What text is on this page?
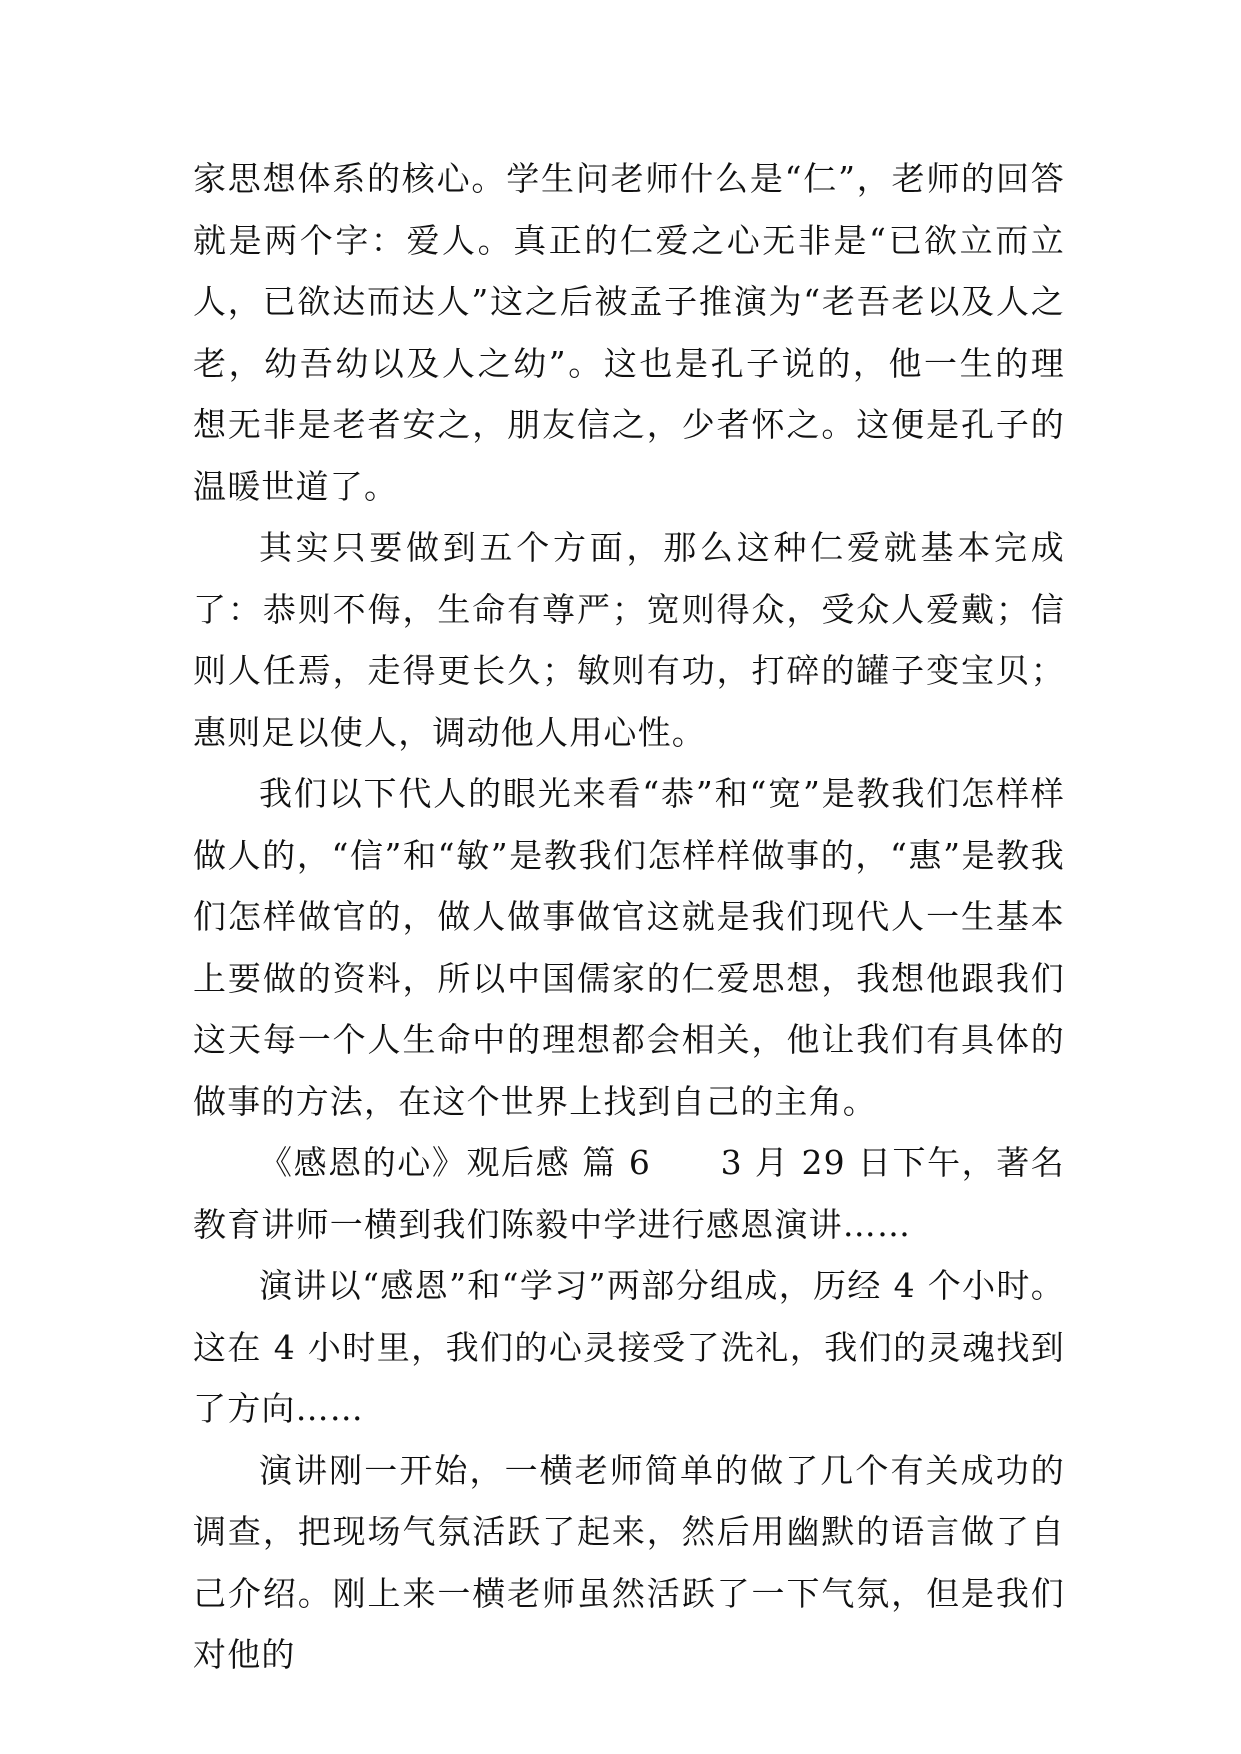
家思想体系的核心。学生问老师什么是“仁”，老师的回答就是两个字：爱人。真正的仁爱之心无非是“已欲立而立人，已欲达而达人”这之后被孟子推演为“老吾老以及人之老，幼吾幼以及人之幼”。这也是孔子说的，他一生的理想无非是老者安之，朋友信之，少者怀之。这便是孔子的温暖世道了。

其实只要做到五个方面，那么这种仁爱就基本完成了：恭则不侮，生命有尊严；宽则得众，受众人爱戴；信则人任焉，走得更长久；敏则有功，打碎的罐子变宝贝；惠则足以使人，调动他人用心性。

我们以下代人的眼光来看“恭”和“宽”是教我们怎样样做人的，“信”和“敏”是教我们怎样样做事的，“惠”是教我们怎样做官的，做人做事做官这就是我们现代人一生基本上要做的资料，所以中国儒家的仁爱思想，我想他跟我们这天每一个人生命中的理想都会相关，他让我们有具体的做事的方法，在这个世界上找到自己的主角。

《感恩的心》观后感 篇 6　　3 月 29 日下午，著名教育讲师一横到我们陈毅中学进行感恩演讲……

演讲以“感恩”和“学习”两部分组成，历经 4 个小时。这在 4 小时里，我们的心灵接受了洗礼，我们的灵魂找到了方向……

演讲刚一开始，一横老师简单的做了几个有关成功的调查，把现场气氛活跃了起来，然后用幽默的语言做了自己介绍。刚上来一横老师虽然活跃了一下气氛，但是我们对他的
